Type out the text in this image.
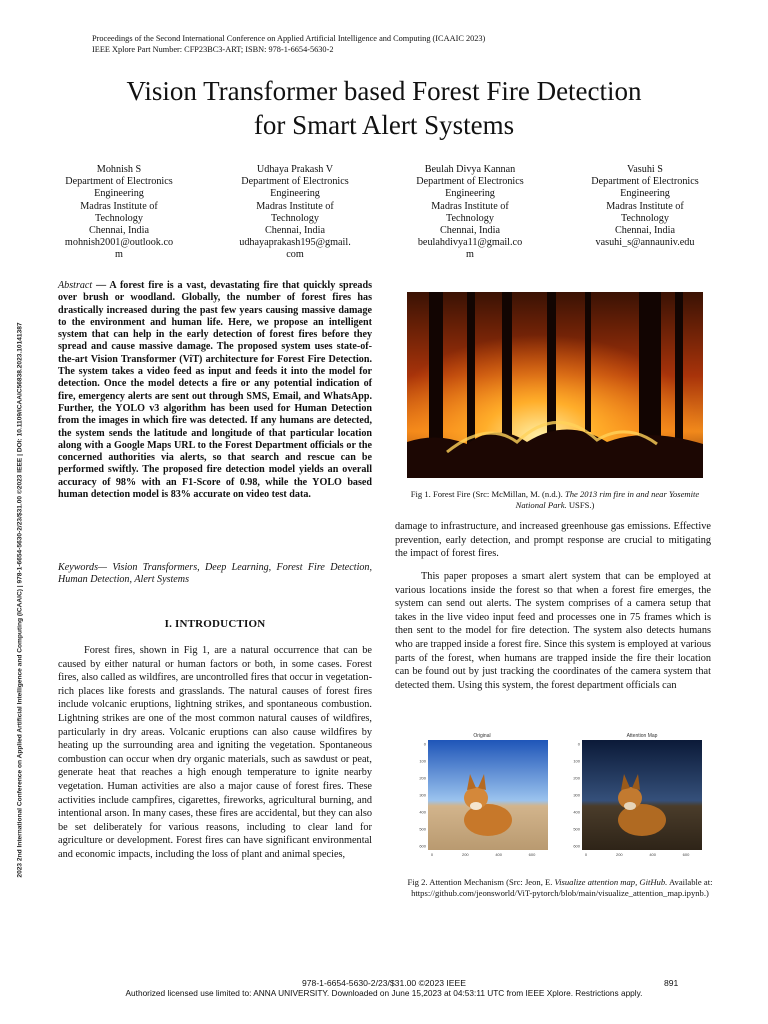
Proceedings of the Second International Conference on Applied Artificial Intelligence and Computing (ICAAIC 2023)
IEEE Xplore Part Number: CFP23BC3-ART; ISBN: 978-1-6654-5630-2
Vision Transformer based Forest Fire Detection
for Smart Alert Systems
Mohnish S
Department of Electronics
Engineering
Madras Institute of
Technology
Chennai, India
mohnish2001@outlook.co
m
Udhaya Prakash V
Department of Electronics
Engineering
Madras Institute of
Technology
Chennai, India
udhayaprakash195@gmail.
com
Beulah Divya Kannan
Department of Electronics
Engineering
Madras Institute of
Technology
Chennai, India
beulahdivya11@gmail.co
m
Vasuhi S
Department of Electronics
Engineering
Madras Institute of
Technology
Chennai, India
vasuhi_s@annauniv.edu
2023 2nd International Conference on Applied Artificial Intelligence and Computing (ICAAIC) | 978-1-6654-5630-2/23/$31.00 ©2023 IEEE | DOI: 10.1109/ICAAIC56838.2023.10141387
Abstract — A forest fire is a vast, devastating fire that quickly spreads over brush or woodland. Globally, the number of forest fires has drastically increased during the past few years causing massive damage to the environment and human life. Here, we propose an intelligent system that can help in the early detection of forest fires before they spread and cause massive damage. The proposed system uses state-of-the-art Vision Transformer (ViT) architecture for Forest Fire Detection. The system takes a video feed as input and feeds it into the model for detection. Once the model detects a fire or any potential indication of fire, emergency alerts are sent out through SMS, Email, and WhatsApp. Further, the YOLO v3 algorithm has been used for Human Detection from the images in which fire was detected. If any humans are detected, the system sends the latitude and longitude of that particular location along with a Google Maps URL to the Forest Department officials or the concerned authorities via alerts, so that search and rescue can be performed swiftly. The proposed fire detection model yields an overall accuracy of 98% with an F1-Score of 0.98, while the YOLO based human detection model is 83% accurate on video test data.
Keywords— Vision Transformers, Deep Learning, Forest Fire Detection, Human Detection, Alert Systems
I. INTRODUCTION

Forest fires, shown in Fig 1, are a natural occurrence that can be caused by either natural or human factors or both, in some cases. Forest fires, also called as wildfires, are uncontrolled fires that occur in vegetation-rich places like forests and grasslands. The natural causes of forest fires include volcanic eruptions, lightning strikes, and spontaneous combustion. Lightning strikes are one of the most common natural causes of wildfires, particularly in dry areas. Volcanic eruptions can also cause wildfires by heating up the surrounding area and igniting the vegetation. Spontaneous combustion can occur when dry organic materials, such as sawdust or peat, generate heat that reaches a high enough temperature to ignite nearby vegetation. Human activities are also a major cause of forest fires. These activities include campfires, cigarettes, fireworks, agricultural burning, and intentional arson. In many cases, these fires are accidental, but they can also be set deliberately for various reasons, including to clear land for agriculture or development. Forest fires can have significant environmental and economic impacts, including the loss of plant and animal species,

Fig 1. Forest Fire (Src: McMillan, M. (n.d.). The 2013 rim fire in and near Yosemite National Park. USFS.)

damage to infrastructure, and increased greenhouse gas emissions. Effective prevention, early detection, and prompt response are crucial to mitigating the impact of forest fires.

This paper proposes a smart alert system that can be employed at various locations inside the forest so that when a forest fire emerges, the system can send out alerts. The system comprises of a camera setup that takes in the live video input feed and processes one in 75 frames which is then sent to the model for fire detection. The system also detects humans who are trapped inside a forest fire. Since this system is employed at various parts of the forest, when humans are trapped inside the fire their location can be found out by just tracking the coordinates of the camera system that detected them. Using this system, the forest department officials can

Original	Attention Map
0
100
200
300
400
500
600
0	200	400	600
0
100
200
300
400
500
600
0	200	400	600
Fig 2. Attention Mechanism (Src: Jeon, E. Visualize attention map, GitHub. Available at: https://github.com/jeonsworld/ViT-pytorch/blob/main/visualize_attention_map.ipynb.)
978-1-6654-5630-2/23/$31.00 ©2023 IEEE	891
Authorized licensed use limited to: ANNA UNIVERSITY. Downloaded on June 15,2023 at 04:53:11 UTC from IEEE Xplore. Restrictions apply.
